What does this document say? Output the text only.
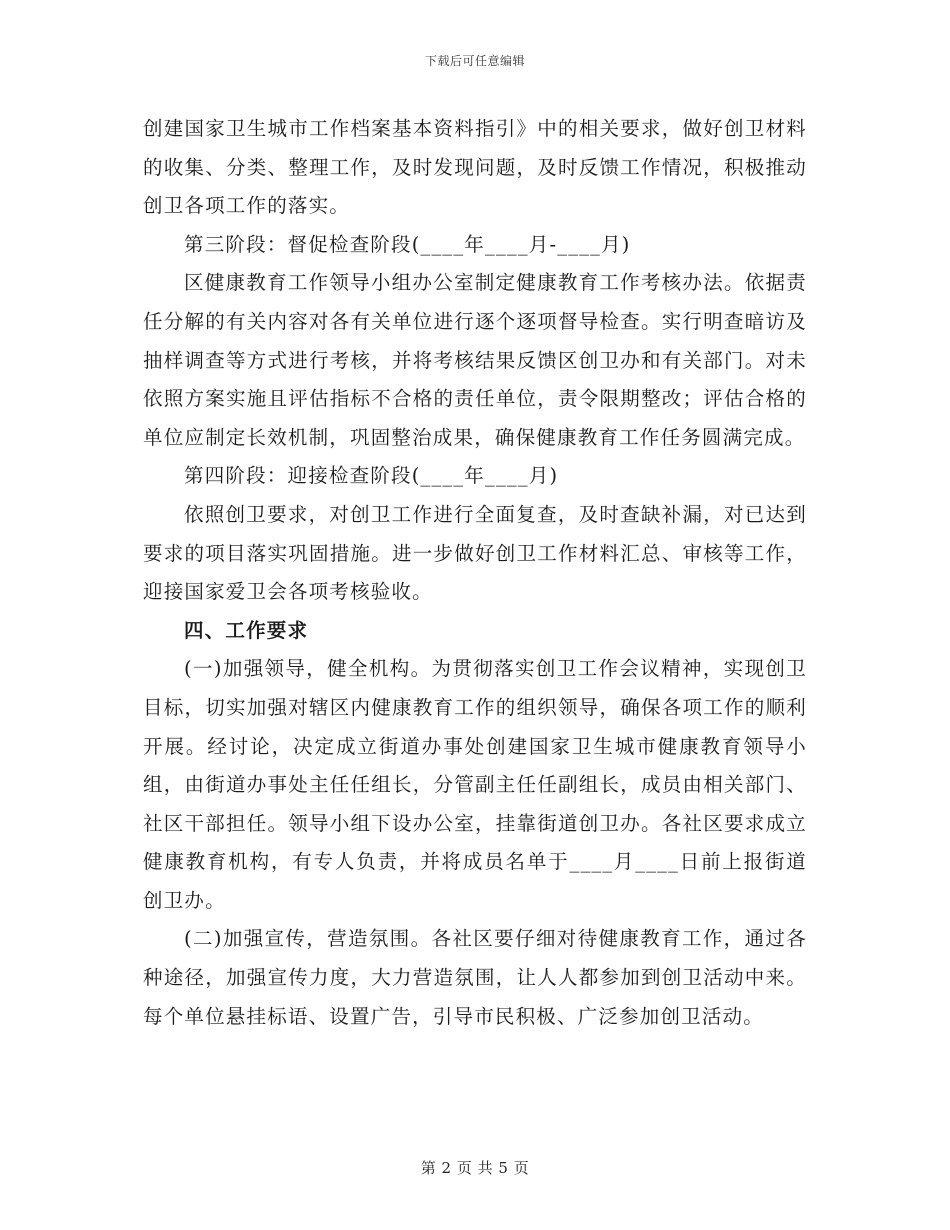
下载后可任意编辑

创建国家卫生城市工作档案基本资料指引》中的相关要求，做好创卫材料的收集、分类、整理工作，及时发现问题，及时反馈工作情况，积极推动创卫各项工作的落实。

第三阶段：督促检查阶段(____年____月-____月)

区健康教育工作领导小组办公室制定健康教育工作考核办法。依据责任分解的有关内容对各有关单位进行逐个逐项督导检查。实行明查暗访及抽样调查等方式进行考核，并将考核结果反馈区创卫办和有关部门。对未依照方案实施且评估指标不合格的责任单位，责令限期整改；评估合格的单位应制定长效机制，巩固整治成果，确保健康教育工作任务圆满完成。

第四阶段：迎接检查阶段(____年____月)

依照创卫要求，对创卫工作进行全面复查，及时查缺补漏，对已达到要求的项目落实巩固措施。进一步做好创卫工作材料汇总、审核等工作，迎接国家爱卫会各项考核验收。

四、工作要求

(一)加强领导，健全机构。为贯彻落实创卫工作会议精神，实现创卫目标，切实加强对辖区内健康教育工作的组织领导，确保各项工作的顺利开展。经讨论，决定成立街道办事处创建国家卫生城市健康教育领导小组，由街道办事处主任任组长，分管副主任任副组长，成员由相关部门、社区干部担任。领导小组下设办公室，挂靠街道创卫办。各社区要求成立健康教育机构，有专人负责，并将成员名单于____月____日前上报街道创卫办。

(二)加强宣传，营造氛围。各社区要仔细对待健康教育工作，通过各种途径，加强宣传力度，大力营造氛围，让人人都参加到创卫活动中来。每个单位悬挂标语、设置广告，引导市民积极、广泛参加创卫活动。

第 2 页 共 5 页
